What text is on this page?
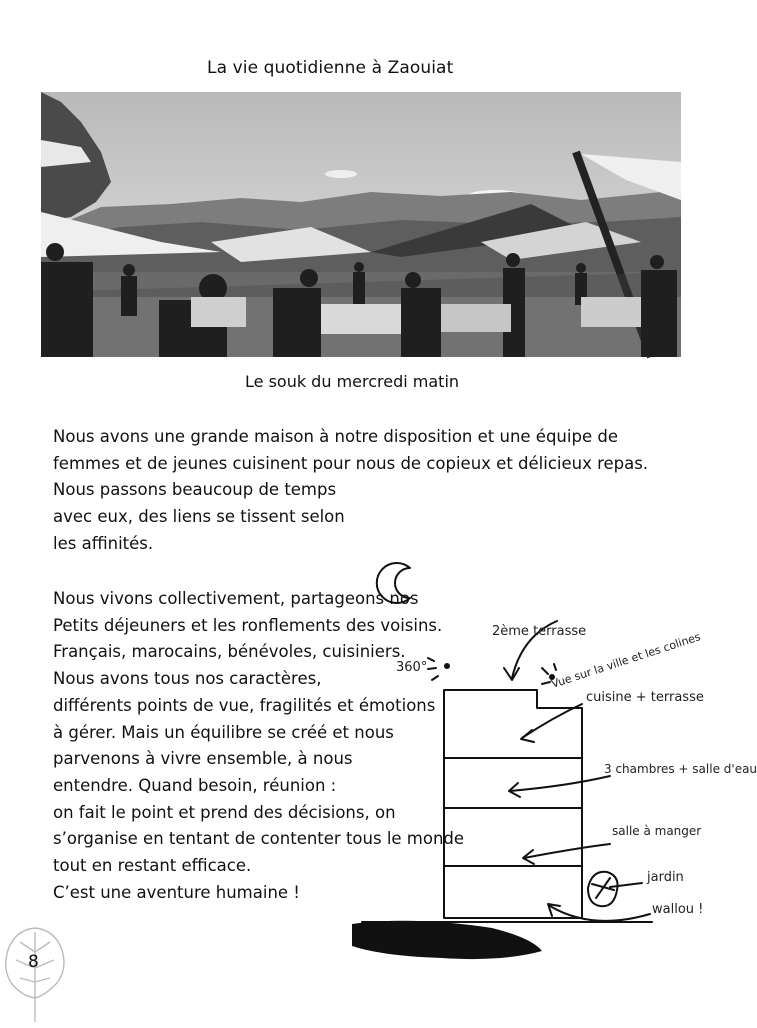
La vie quotidienne à Zaouiat
Le souk du mercredi matin
Nous avons une grande maison à notre disposition et une équipe de
femmes et de jeunes cuisinent pour nous de copieux et délicieux repas.
Nous passons beaucoup de temps
avec eux, des liens se tissent selon
les affinités.
2ème terrasse
360°	Vue sur la ville et les colines
cuisine + terrasse
3 chambres + salle d'eau
salle à manger
jardin
wallou !
Nous vivons collectivement, partageons nos
Petits déjeuners et les ronflements des voisins.
Français, marocains, bénévoles, cuisiniers.
Nous avons tous nos caractères,
différents points de vue, fragilités et émotions
à gérer. Mais un équilibre se créé et nous
parvenons à vivre ensemble, à nous
entendre. Quand besoin, réunion :
on fait le point et prend des décisions, on
s’organise en tentant de contenter tous le monde
tout en restant efficace.
C’est une aventure humaine !
8
